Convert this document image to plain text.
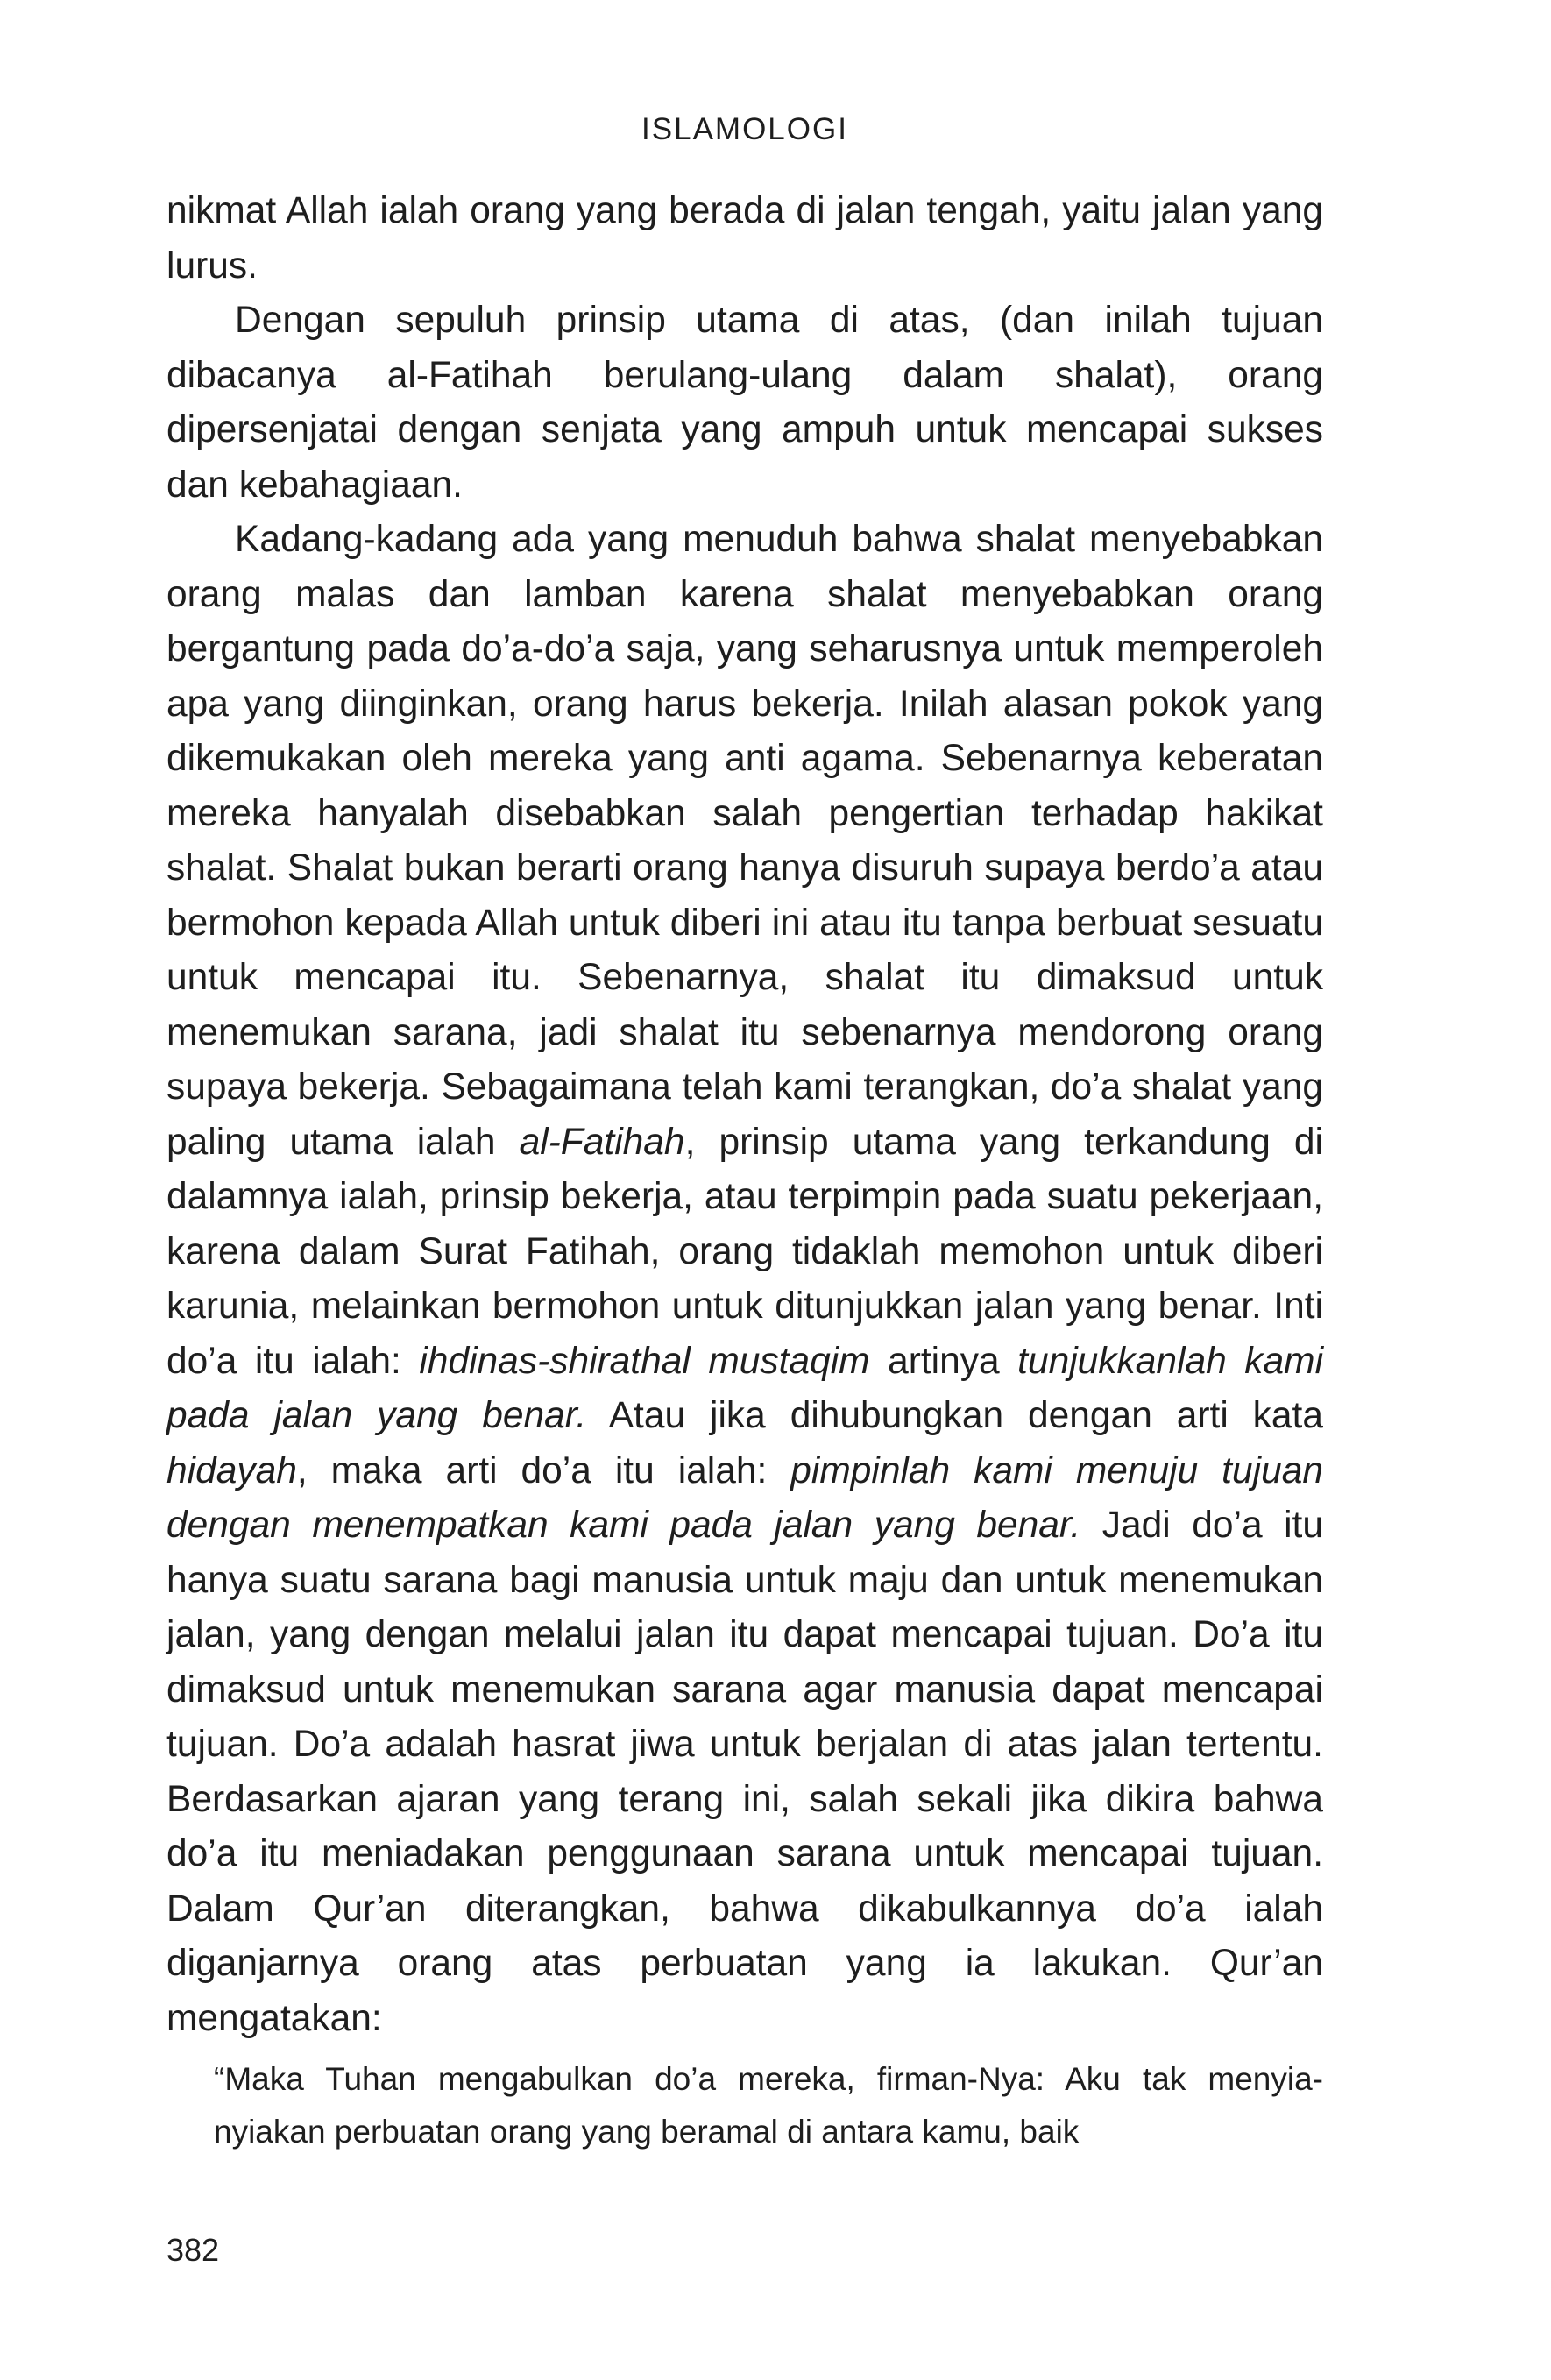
ISLAMOLOGI

nikmat Allah ialah orang yang berada di jalan tengah, yaitu jalan yang lurus.

Dengan sepuluh prinsip utama di atas, (dan inilah tujuan dibacanya al-Fatihah berulang-ulang dalam shalat), orang dipersenjatai dengan senjata yang ampuh untuk mencapai sukses dan kebahagiaan.

Kadang-kadang ada yang menuduh bahwa shalat menyebabkan orang malas dan lamban karena shalat menyebabkan orang bergantung pada do’a-do’a saja, yang seharusnya untuk memperoleh apa yang diinginkan, orang harus bekerja. Inilah alasan pokok yang dikemukakan oleh mereka yang anti agama. Sebenarnya keberatan mereka hanyalah disebabkan salah pengertian terhadap hakikat shalat. Shalat bukan berarti orang hanya disuruh supaya berdo’a atau bermohon kepada Allah untuk diberi ini atau itu tanpa berbuat sesuatu untuk mencapai itu. Sebenarnya, shalat itu dimaksud untuk menemukan sarana, jadi shalat itu sebenarnya mendorong orang supaya bekerja. Sebagaimana telah kami terangkan, do’a shalat yang paling utama ialah al-Fatihah, prinsip utama yang terkandung di dalamnya ialah, prinsip bekerja, atau terpimpin pada suatu pekerjaan, karena dalam Surat Fatihah, orang tidaklah memohon untuk diberi karunia, melainkan bermohon untuk ditunjukkan jalan yang benar. Inti do’a itu ialah: ihdinas-shirathal mustaqim artinya tunjukkanlah kami pada jalan yang benar. Atau jika dihubungkan dengan arti kata hidayah, maka arti do’a itu ialah: pimpinlah kami menuju tujuan dengan menempatkan kami pada jalan yang benar. Jadi do’a itu hanya suatu sarana bagi manusia untuk maju dan untuk menemukan jalan, yang dengan melalui jalan itu dapat mencapai tujuan. Do’a itu dimaksud untuk menemukan sarana agar manusia dapat mencapai tujuan. Do’a adalah hasrat jiwa untuk berjalan di atas jalan tertentu. Berdasarkan ajaran yang terang ini, salah sekali jika dikira bahwa do’a itu meniadakan penggunaan sarana untuk mencapai tujuan. Dalam Qur’an diterangkan, bahwa dikabulkannya do’a ialah diganjarnya orang atas perbuatan yang ia lakukan. Qur’an mengatakan:

“Maka Tuhan mengabulkan do’a mereka, firman-Nya: Aku tak menyia-nyiakan perbuatan orang yang beramal di antara kamu, baik

382
